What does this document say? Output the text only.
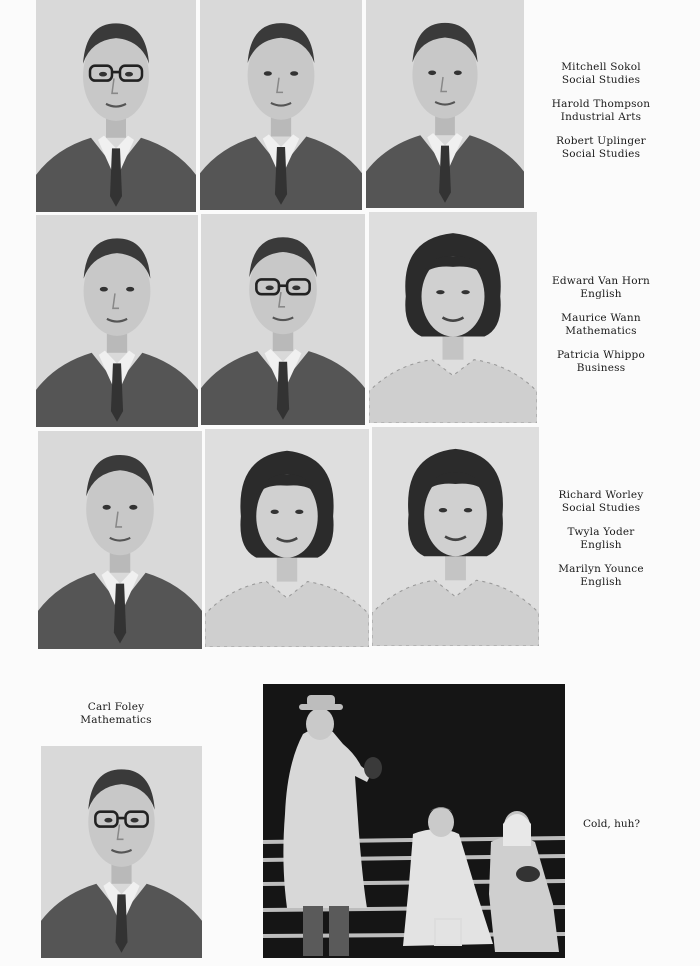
Mitchell Sokol
Social Studies
Harold Thompson
Industrial Arts
Robert Uplinger
Social Studies
Edward Van Horn
English
Maurice Wann
Mathematics
Patricia Whippo
Business
Richard Worley
Social Studies
Twyla Yoder
English
Marilyn Younce
English
Carl Foley
Mathematics
Cold, huh?
